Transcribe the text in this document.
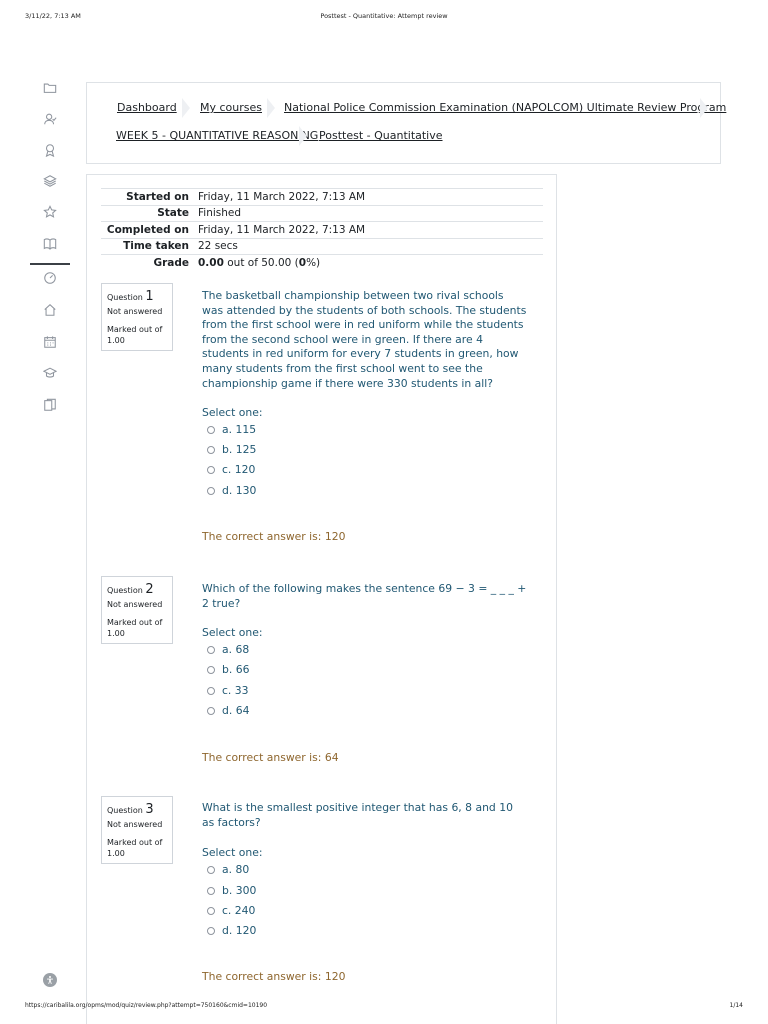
3/11/22, 7:13 AM	Posttest - Quantitative: Attempt review
Dashboard My courses National Police Commission Examination (NAPOLCOM) Ultimate Review Program
WEEK 5 - QUANTITATIVE REASONING Posttest - Quantitative
Started on Friday, 11 March 2022, 7:13 AM
State Finished
Completed on Friday, 11 March 2022, 7:13 AM
Time taken 22 secs
Grade 0.00 out of 50.00 (0%)
Question 1
Not answered
Marked out of 1.00
The basketball championship between two rival schools was attended by the students of both schools. The students from the first school were in red uniform while the students from the second school were in green. If there are 4 students in red uniform for every 7 students in green, how many students from the first school went to see the championship game if there were 330 students in all?
Select one:
a. 115
b. 125
c. 120
d. 130
The correct answer is: 120
Question 2
Not answered
Marked out of 1.00
Which of the following makes the sentence 69 − 3 = _ _ _ + 2 true?
Select one:
a. 68
b. 66
c. 33
d. 64
The correct answer is: 64
Question 3
Not answered
Marked out of 1.00
What is the smallest positive integer that has 6, 8 and 10 as factors?
Select one:
a. 80
b. 300
c. 240
d. 120
The correct answer is: 120
https://caribalila.org/opms/mod/quiz/review.php?attempt=750160&cmid=10190	1/14
